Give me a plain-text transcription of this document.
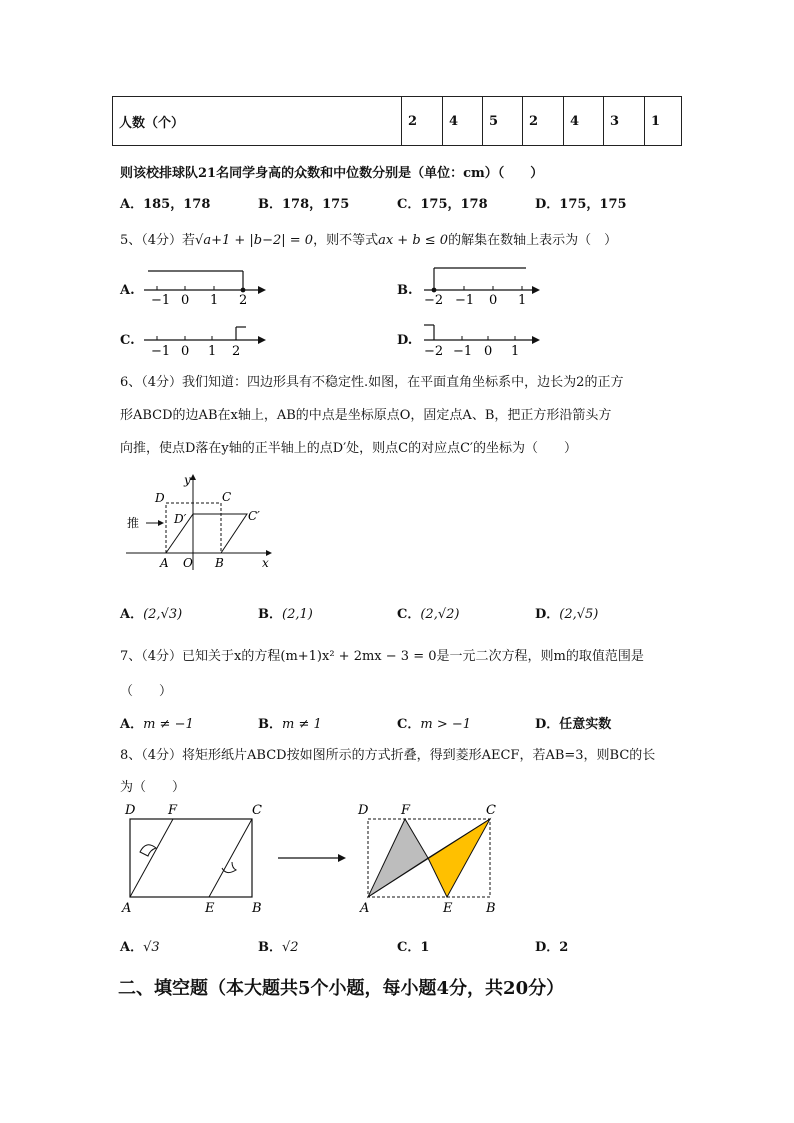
人数（个）	2	4	5	2	4	3	1
则该校排球队21名同学身高的众数和中位数分别是（单位：cm）（　　）
A．185，178	B．178，175	C．175，178	D．175，175
5、（4分）若√a+1 + |b−2| = 0，则不等式ax + b ≤ 0的解集在数轴上表示为（　）
A.
−1 0 1 2
B.
−2 −1 0 1
C.
−1 0 1 2
D.
−2 −1 0 1
6、（4分）我们知道：四边形具有不稳定性.如图，在平面直角坐标系中，边长为2的正方
形ABCD的边AB在x轴上，AB的中点是坐标原点O，固定点A、B，把正方形沿箭头方
向推，使点D落在y轴的正半轴上的点D′处，则点C的对应点C′的坐标为（　　）
D	C
D′	C′
A O B	x
y
推
A．(2,√3)	B．(2,1)	C．(2,√2)	D．(2,√5)
7、（4分）已知关于x的方程(m+1)x² + 2mx − 3 = 0是一元二次方程，则m的取值范围是
（　　）
A．m ≠ −1	B．m ≠ 1	C．m > −1	D．任意实数
8、（4分）将矩形纸片ABCD按如图所示的方式折叠，得到菱形AECF，若AB=3，则BC的长
为（　　）
D	F	C
A	E	B
D	F	C
A	E	B
A．√3	B．√2	C．1	D．2
二、填空题（本大题共5个小题，每小题4分，共20分）
